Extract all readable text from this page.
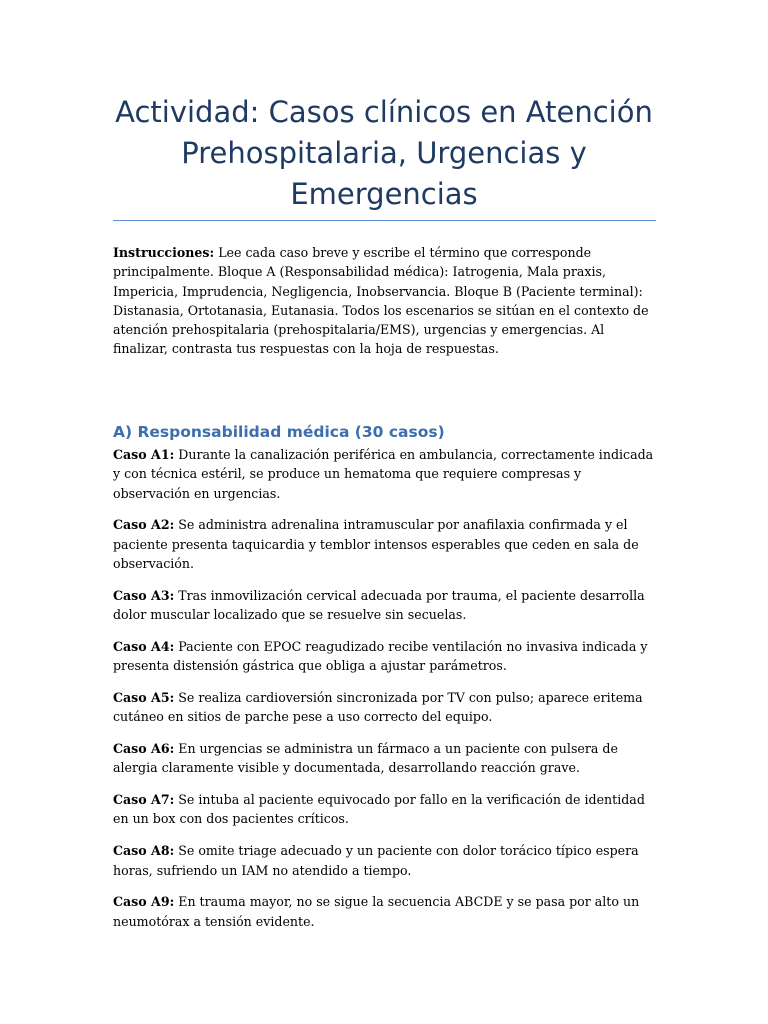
Actividad: Casos clínicos en Atención Prehospitalaria, Urgencias y Emergencias

Instrucciones: Lee cada caso breve y escribe el término que corresponde principalmente. Bloque A (Responsabilidad médica): Iatrogenia, Mala praxis, Impericia, Imprudencia, Negligencia, Inobservancia. Bloque B (Paciente terminal): Distanasia, Ortotanasia, Eutanasia. Todos los escenarios se sitúan en el contexto de atención prehospitalaria (prehospitalaria/EMS), urgencias y emergencias. Al finalizar, contrasta tus respuestas con la hoja de respuestas.

A) Responsabilidad médica (30 casos)

Caso A1: Durante la canalización periférica en ambulancia, correctamente indicada y con técnica estéril, se produce un hematoma que requiere compresas y observación en urgencias.

Caso A2: Se administra adrenalina intramuscular por anafilaxia confirmada y el paciente presenta taquicardia y temblor intensos esperables que ceden en sala de observación.

Caso A3: Tras inmovilización cervical adecuada por trauma, el paciente desarrolla dolor muscular localizado que se resuelve sin secuelas.

Caso A4: Paciente con EPOC reagudizado recibe ventilación no invasiva indicada y presenta distensión gástrica que obliga a ajustar parámetros.

Caso A5: Se realiza cardioversión sincronizada por TV con pulso; aparece eritema cutáneo en sitios de parche pese a uso correcto del equipo.

Caso A6: En urgencias se administra un fármaco a un paciente con pulsera de alergia claramente visible y documentada, desarrollando reacción grave.

Caso A7: Se intuba al paciente equivocado por fallo en la verificación de identidad en un box con dos pacientes críticos.

Caso A8: Se omite triage adecuado y un paciente con dolor torácico típico espera horas, sufriendo un IAM no atendido a tiempo.

Caso A9: En trauma mayor, no se sigue la secuencia ABCDE y se pasa por alto un neumotórax a tensión evidente.
